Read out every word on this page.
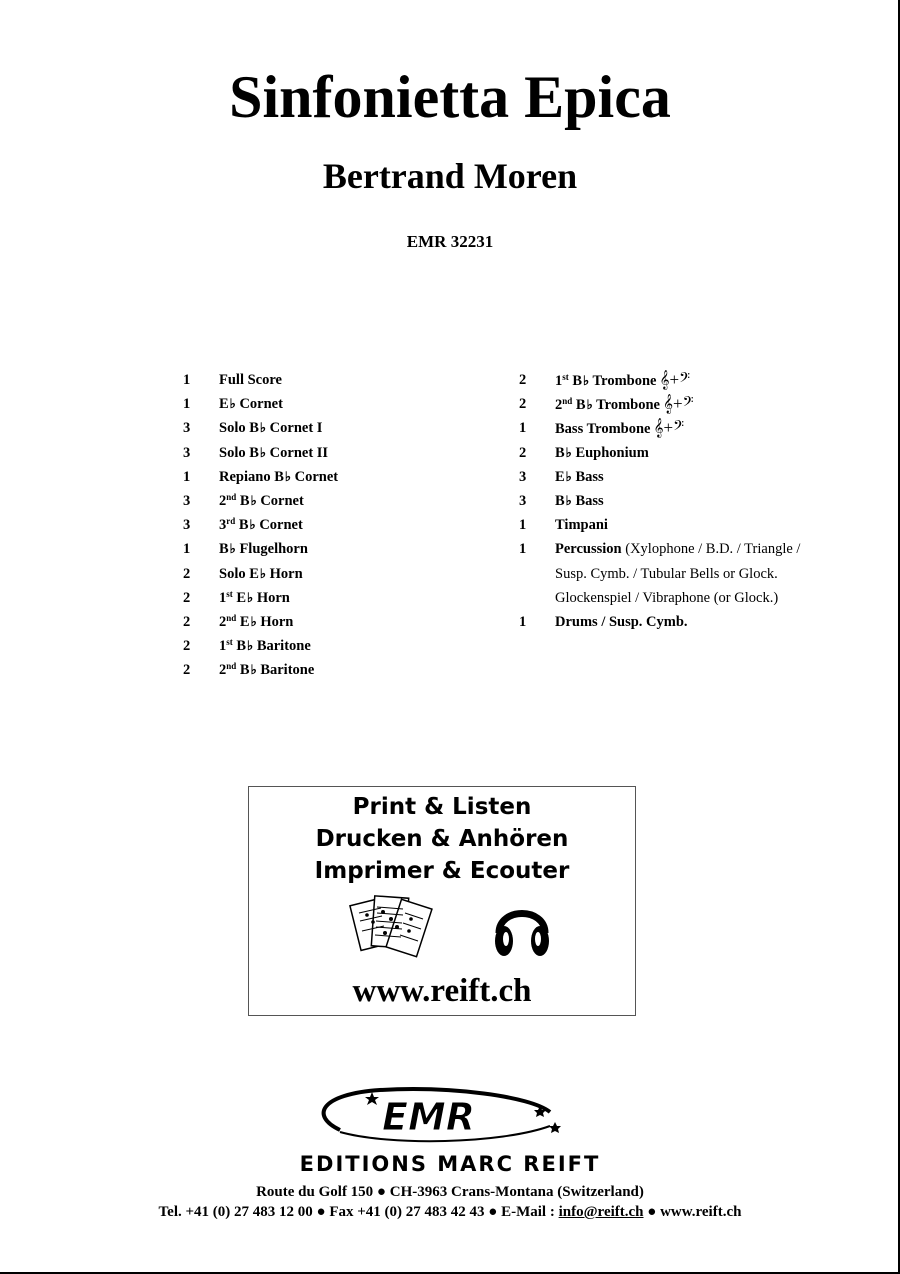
Sinfonietta Epica
Bertrand Moren
EMR 32231
1	Full Score
1	E♭ Cornet
3	Solo B♭ Cornet I
3	Solo B♭ Cornet II
1	Repiano B♭ Cornet
3	2nd B♭ Cornet
3	3rd B♭ Cornet
1	B♭ Flugelhorn
2	Solo E♭ Horn
2	1st E♭ Horn
2	2nd E♭ Horn
2	1st B♭ Baritone
2	2nd B♭ Baritone
2	1st B♭ Trombone 𝄞+𝄢
2	2nd B♭ Trombone 𝄞+𝄢
1	Bass Trombone 𝄞+𝄢
2	B♭ Euphonium
3	E♭ Bass
3	B♭ Bass
1	Timpani
1	Percussion (Xylophone / B.D. / Triangle /
Susp. Cymb. / Tubular Bells or Glock.
Glockenspiel / Vibraphone (or Glock.)
1	Drums / Susp. Cymb.
Print & Listen
Drucken & Anhören
Imprimer & Ecouter
www.reift.ch
EMR
EDITIONS MARC REIFT
Route du Golf 150 ● CH-3963 Crans-Montana (Switzerland)
Tel. +41 (0) 27 483 12 00 ● Fax +41 (0) 27 483 42 43 ● E-Mail : info@reift.ch ● www.reift.ch
